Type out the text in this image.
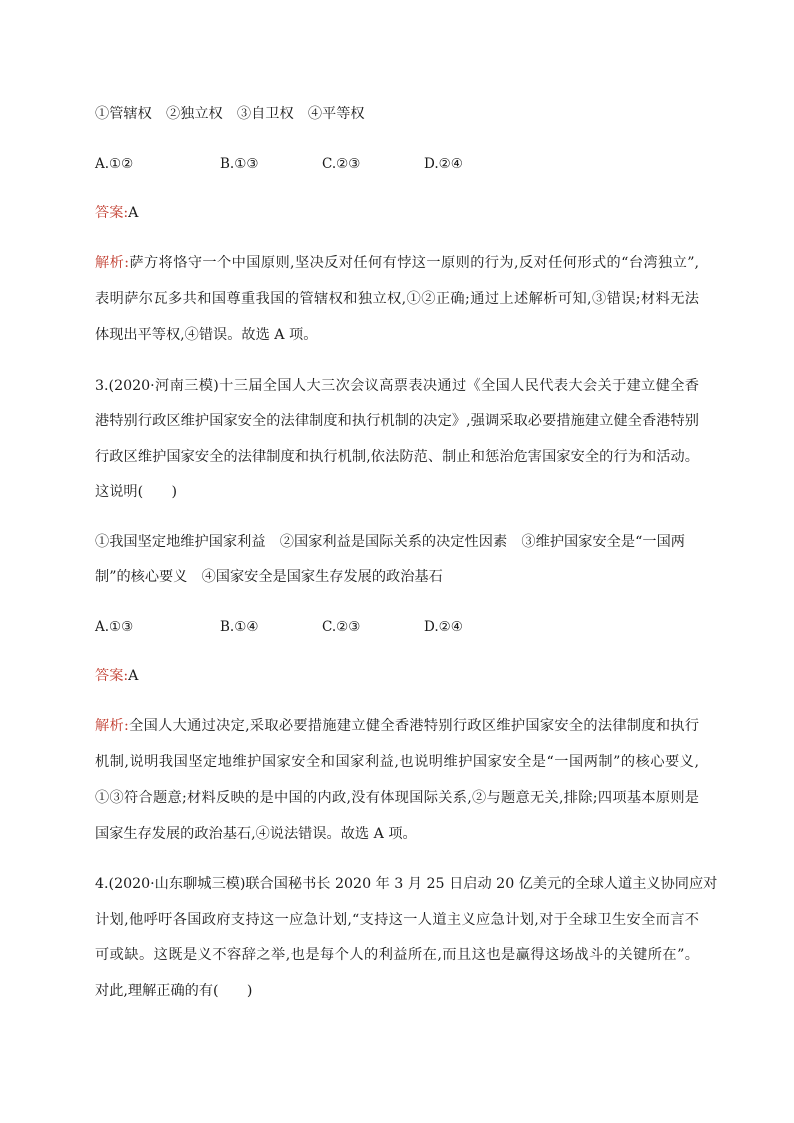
①管辖权　②独立权　③自卫权　④平等权
A.①②	B.①③	C.②③	D.②④
答案:A
解析:萨方将恪守一个中国原则,坚决反对任何有悖这一原则的行为,反对任何形式的“台湾独立”,
表明萨尔瓦多共和国尊重我国的管辖权和独立权,①②正确;通过上述解析可知,③错误;材料无法
体现出平等权,④错误。故选 A 项。
3.(2020·河南三模)十三届全国人大三次会议高票表决通过《全国人民代表大会关于建立健全香
港特别行政区维护国家安全的法律制度和执行机制的决定》,强调采取必要措施建立健全香港特别
行政区维护国家安全的法律制度和执行机制,依法防范、制止和惩治危害国家安全的行为和活动。
这说明(　　)
①我国坚定地维护国家利益　②国家利益是国际关系的决定性因素　③维护国家安全是“一国两
制”的核心要义　④国家安全是国家生存发展的政治基石
A.①③	B.①④	C.②③	D.②④
答案:A
解析:全国人大通过决定,采取必要措施建立健全香港特别行政区维护国家安全的法律制度和执行
机制,说明我国坚定地维护国家安全和国家利益,也说明维护国家安全是“一国两制”的核心要义,
①③符合题意;材料反映的是中国的内政,没有体现国际关系,②与题意无关,排除;四项基本原则是
国家生存发展的政治基石,④说法错误。故选 A 项。
4.(2020·山东聊城三模)联合国秘书长 2020 年 3 月 25 日启动 20 亿美元的全球人道主义协同应对
计划,他呼吁各国政府支持这一应急计划,“支持这一人道主义应急计划,对于全球卫生安全而言不
可或缺。这既是义不容辞之举,也是每个人的利益所在,而且这也是赢得这场战斗的关键所在”。
对此,理解正确的有(　　)
